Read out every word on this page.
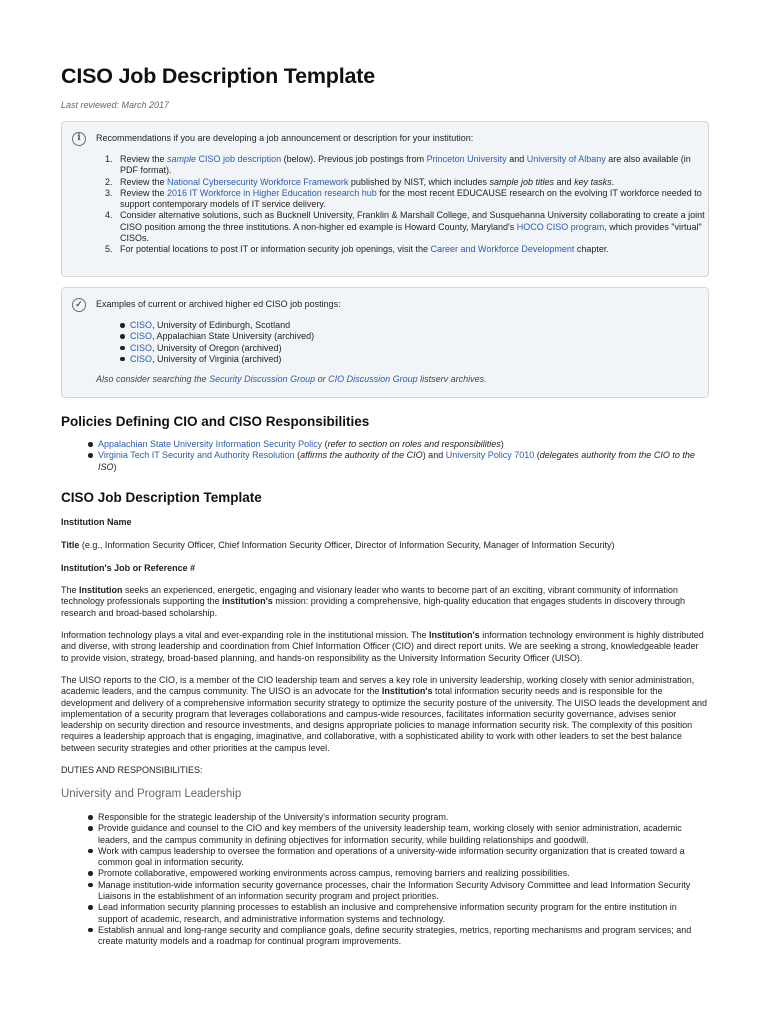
CISO Job Description Template
Last reviewed: March 2017
i
Recommendations if you are developing a job announcement or description for your institution:
1. Review the sample CISO job description (below). Previous job postings from Princeton University and University of Albany are also available (in PDF format).
2. Review the National Cybersecurity Workforce Framework published by NIST, which includes sample job titles and key tasks.
3. Review the 2016 IT Workforce in Higher Education research hub for the most recent EDUCAUSE research on the evolving IT workforce needed to support contemporary models of IT service delivery.
4. Consider alternative solutions, such as Bucknell University, Franklin & Marshall College, and Susquehanna University collaborating to create a joint CISO position among the three institutions. A non-higher ed example is Howard County, Maryland's HOCO CISO program, which provides "virtual" CISOs.
5. For potential locations to post IT or information security job openings, visit the Career and Workforce Development chapter.
✓
Examples of current or archived higher ed CISO job postings:
CISO, University of Edinburgh, Scotland
CISO, Appalachian State University (archived)
CISO, University of Oregon (archived)
CISO, University of Virginia (archived)
Also consider searching the Security Discussion Group or CIO Discussion Group listserv archives.
Policies Defining CIO and CISO Responsibilities
Appalachian State University Information Security Policy (refer to section on roles and responsibilities)
Virginia Tech IT Security and Authority Resolution (affirms the authority of the CIO) and University Policy 7010 (delegates authority from the CIO to the ISO)
CISO Job Description Template
Institution Name
Title (e.g., Information Security Officer, Chief Information Security Officer, Director of Information Security, Manager of Information Security)
Institution's Job or Reference #
The Institution seeks an experienced, energetic, engaging and visionary leader who wants to become part of an exciting, vibrant community of information technology professionals supporting the institution's mission: providing a comprehensive, high-quality education that engages students in discovery through research and broad-based scholarship.
Information technology plays a vital and ever-expanding role in the institutional mission. The Institution's information technology environment is highly distributed and diverse, with strong leadership and coordination from Chief Information Officer (CIO) and direct report units. We are seeking a strong, knowledgeable leader to provide vision, strategy, broad-based planning, and hands-on responsibility as the University Information Security Officer (UISO).
The UISO reports to the CIO, is a member of the CIO leadership team and serves a key role in university leadership, working closely with senior administration, academic leaders, and the campus community. The UISO is an advocate for the Institution's total information security needs and is responsible for the development and delivery of a comprehensive information security strategy to optimize the security posture of the university. The UISO leads the development and implementation of a security program that leverages collaborations and campus-wide resources, facilitates information security governance, advises senior leadership on security direction and resource investments, and designs appropriate policies to manage information security risk. The complexity of this position requires a leadership approach that is engaging, imaginative, and collaborative, with a sophisticated ability to work with other leaders to set the best balance between security strategies and other priorities at the campus level.
DUTIES AND RESPONSIBILITIES:
University and Program Leadership
Responsible for the strategic leadership of the University's information security program.
Provide guidance and counsel to the CIO and key members of the university leadership team, working closely with senior administration, academic leaders, and the campus community in defining objectives for information security, while building relationships and goodwill.
Work with campus leadership to oversee the formation and operations of a university-wide information security organization that is created toward a common goal in information security.
Promote collaborative, empowered working environments across campus, removing barriers and realizing possibilities.
Manage institution-wide information security governance processes, chair the Information Security Advisory Committee and lead Information Security Liaisons in the establishment of an information security program and project priorities.
Lead information security planning processes to establish an inclusive and comprehensive information security program for the entire institution in support of academic, research, and administrative information systems and technology.
Establish annual and long-range security and compliance goals, define security strategies, metrics, reporting mechanisms and program services; and create maturity models and a roadmap for continual program improvements.
